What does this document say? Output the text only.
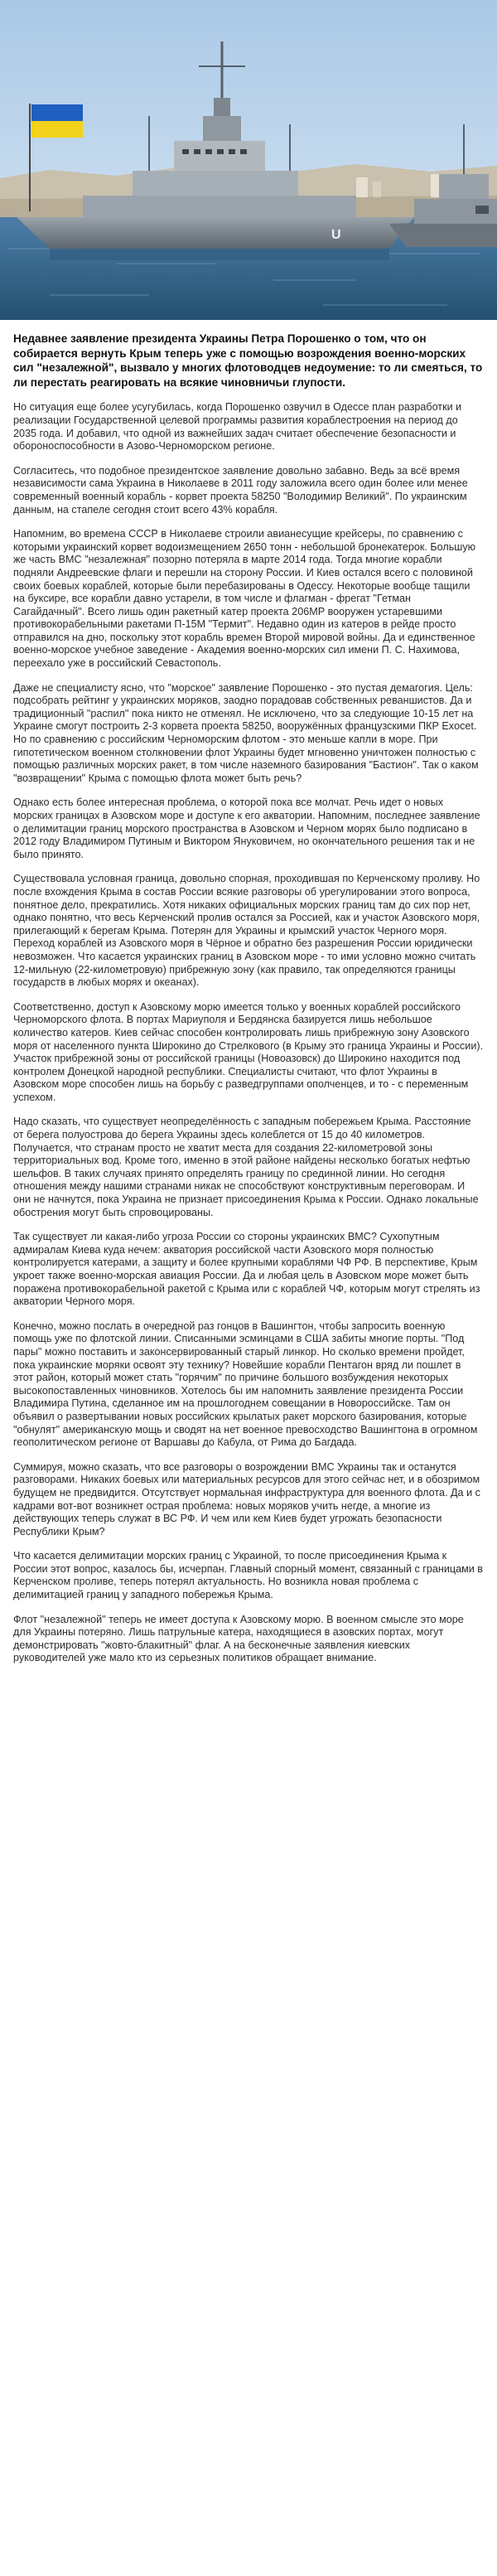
U

Недавнее заявление президента Украины Петра Порошенко о том, что он собирается вернуть Крым теперь уже с помощью возрождения военно-морских сил "незалежной", вызвало у многих флотоводцев недоумение: то ли смеяться, то ли перестать реагировать на всякие чиновничьи глупости.

Но ситуация еще более усугубилась, когда Порошенко озвучил в Одессе план разработки и реализации Государственной целевой программы развития кораблестроения на период до 2035 года. И добавил, что одной из важнейших задач считает обеспечение безопасности и обороноспособности в Азово-Черноморском регионе.

Согласитесь, что подобное президентское заявление довольно забавно. Ведь за всё время независимости сама Украина в Николаеве в 2011 году заложила всего один более или менее современный военный корабль - корвет проекта 58250 "Володимир Великий". По украинским данным, на стапеле сегодня стоит всего 43% корабля.

Напомним, во времена СССР в Николаеве строили авианесущие крейсеры, по сравнению с которыми украинский корвет водоизмещением 2650 тонн - небольшой бронекатерок. Большую же часть ВМС "незалежная" позорно потеряла в марте 2014 года. Тогда многие корабли подняли Андреевские флаги и перешли на сторону России. И Киев остался всего с половиной своих боевых кораблей, которые были перебазированы в Одессу. Некоторые вообще тащили на буксире, все корабли давно устарели, в том числе и флагман - фрегат "Гетман Сагайдачный". Всего лишь один ракетный катер проекта 206МР вооружен устаревшими противокорабельными ракетами П-15М "Термит". Недавно один из катеров в рейде просто отправился на дно, поскольку этот корабль времен Второй мировой войны. Да и единственное военно-морское учебное заведение - Академия военно-морских сил имени П. С. Нахимова, переехало уже в российский Севастополь.

Даже не специалисту ясно, что "морское" заявление Порошенко - это пустая демагогия. Цель: подсобрать рейтинг у украинских моряков, заодно порадовав собственных реваншистов. Да и традиционный "распил" пока никто не отменял. Не исключено, что за следующие 10-15 лет на Украине смогут построить 2-3 корвета проекта 58250, вооружённых французскими ПКР Exocet. Но по сравнению с российским Черноморским флотом - это меньше капли в море. При гипотетическом военном столкновении флот Украины будет мгновенно уничтожен полностью с помощью различных морских ракет, в том числе наземного базирования "Бастион". Так о каком "возвращении" Крыма с помощью флота может быть речь?

Однако есть более интересная проблема, о которой пока все молчат. Речь идет о новых морских границах в Азовском море и доступе к его акватории. Напомним, последнее заявление о делимитации границ морского пространства в Азовском и Черном морях было подписано в 2012 году Владимиром Путиным и Виктором Януковичем, но окончательного решения так и не было принято.

Существовала условная граница, довольно спорная, проходившая по Керченскому проливу. Но после вхождения Крыма в состав России всякие разговоры об урегулировании этого вопроса, понятное дело, прекратились. Хотя никаких официальных морских границ там до сих пор нет, однако понятно, что весь Керченский пролив остался за Россией, как и участок Азовского моря, прилегающий к берегам Крыма. Потерян для Украины и крымский участок Черного моря. Переход кораблей из Азовского моря в Чёрное и обратно без разрешения России юридически невозможен. Что касается украинских границ в Азовском море - то ими условно можно считать 12-мильную (22-километровую) прибрежную зону (как правило, так определяются границы государств в любых морях и океанах).

Соответственно, доступ к Азовскому морю имеется только у военных кораблей российского Черноморского флота. В портах Мариуполя и Бердянска базируется лишь небольшое количество катеров. Киев сейчас способен контролировать лишь прибрежную зону Азовского моря от населенного пункта Широкино до Стрелкового (в Крыму это граница Украины и России). Участок прибрежной зоны от российской границы (Новоазовск) до Широкино находится под контролем Донецкой народной республики. Специалисты считают, что флот Украины в Азовском море способен лишь на борьбу с разведгруппами ополченцев, и то - с переменным успехом.

Надо сказать, что существует неопределённость с западным побережьем Крыма. Расстояние от берега полуострова до берега Украины здесь колеблется от 15 до 40 километров. Получается, что странам просто не хватит места для создания 22-километровой зоны территориальных вод. Кроме того, именно в этой районе найдены несколько богатых нефтью шельфов. В таких случаях принято определять границу по срединной линии. Но сегодня отношения между нашими странами никак не способствуют конструктивным переговорам. И они не начнутся, пока Украина не признает присоединения Крыма к России. Однако локальные обострения могут быть спровоцированы.

Так существует ли какая-либо угроза России со стороны украинских ВМС? Сухопутным адмиралам Киева куда нечем: акватория российской части Азовского моря полностью контролируется катерами, а защиту и более крупными кораблями ЧФ РФ. В перспективе, Крым укроет также военно-морская авиация России. Да и любая цель в Азовском море может быть поражена противокорабельной ракетой с Крыма или с кораблей ЧФ, которым могут стрелять из акватории Черного моря.

Конечно, можно послать в очередной раз гонцов в Вашингтон, чтобы запросить военную помощь уже по флотской линии. Списанными эсминцами в США забиты многие порты. "Под пары" можно поставить и законсервированный старый линкор. Но сколько времени пройдет, пока украинские моряки освоят эту технику? Новейшие корабли Пентагон вряд ли пошлет в этот район, который может стать "горячим" по причине большого возбуждения некоторых высокопоставленных чиновников. Хотелось бы им напомнить заявление президента России Владимира Путина, сделанное им на прошлогоднем совещании в Новороссийске. Там он объявил о развертывании новых российских крылатых ракет морского базирования, которые "обнулят" американскую мощь и сводят на нет военное превосходство Вашингтона в огромном геополитическом регионе от Варшавы до Кабула, от Рима до Багдада.

Суммируя, можно сказать, что все разговоры о возрождении ВМС Украины так и останутся разговорами. Никаких боевых или материальных ресурсов для этого сейчас нет, и в обозримом будущем не предвидится. Отсутствует нормальная инфраструктура для военного флота. Да и с кадрами вот-вот возникнет острая проблема: новых моряков учить негде, а многие из действующих теперь служат в ВС РФ. И чем или кем Киев будет угрожать безопасности Республики Крым?

Что касается делимитации морских границ с Украиной, то после присоединения Крыма к России этот вопрос, казалось бы, исчерпан. Главный спорный момент, связанный с границами в Керченском проливе, теперь потерял актуальность. Но возникла новая проблема с делимитацией границ у западного побережья Крыма.

Флот "незалежной" теперь не имеет доступа к Азовскому морю. В военном смысле это море для Украины потеряно. Лишь патрульные катера, находящиеся в азовских портах, могут демонстрировать "жовто-блакитный" флаг. А на бесконечные заявления киевских руководителей уже мало кто из серьезных политиков обращает внимание.
